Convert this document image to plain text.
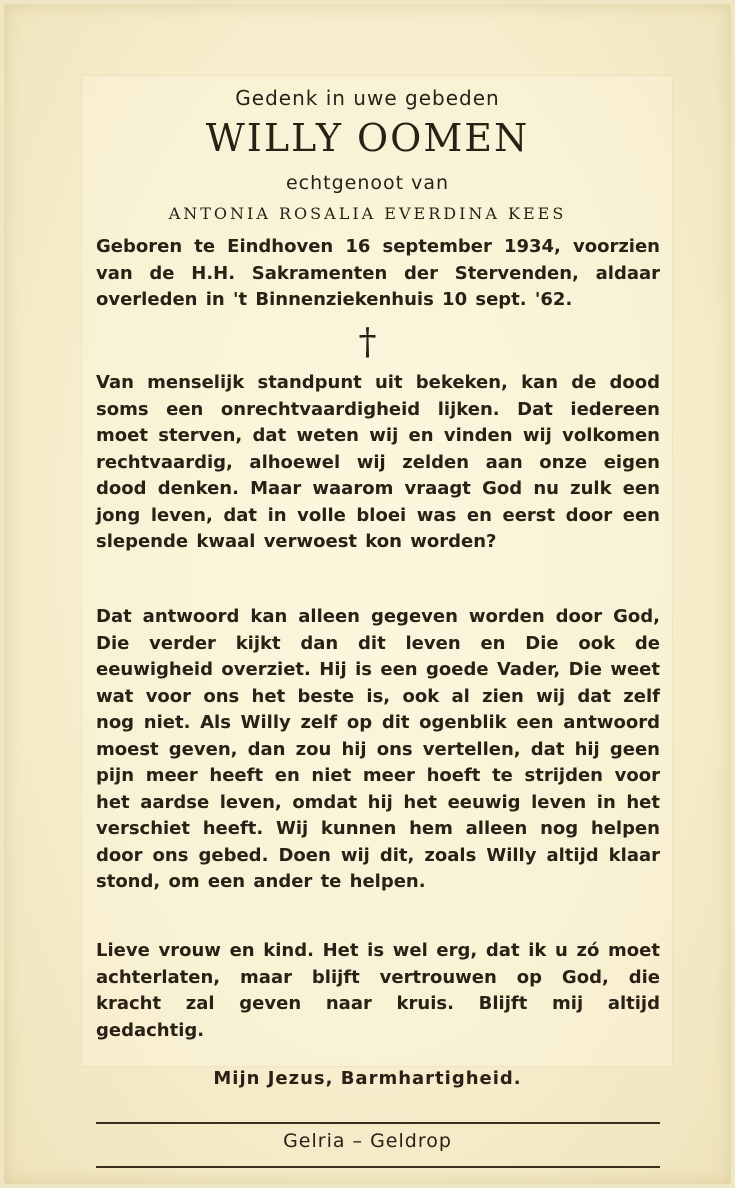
Gedenk in uwe gebeden
WILLY OOMEN
echtgenoot van
ANTONIA ROSALIA EVERDINA KEES
Geboren te Eindhoven 16 september 1934, voorzien van de H.H. Sakramenten der Stervenden, aldaar overleden in 't Binnenziekenhuis 10 sept. '62.
†
Van menselijk standpunt uit bekeken, kan de dood soms een onrechtvaardigheid lijken. Dat iedereen moet sterven, dat weten wij en vinden wij volkomen rechtvaardig, alhoewel wij zelden aan onze eigen dood denken. Maar waarom vraagt God nu zulk een jong leven, dat in volle bloei was en eerst door een slepende kwaal verwoest kon worden?
Dat antwoord kan alleen gegeven worden door God, Die verder kijkt dan dit leven en Die ook de eeuwigheid overziet. Hij is een goede Vader, Die weet wat voor ons het beste is, ook al zien wij dat zelf nog niet. Als Willy zelf op dit ogenblik een antwoord moest geven, dan zou hij ons vertellen, dat hij geen pijn meer heeft en niet meer hoeft te strijden voor het aardse leven, omdat hij het eeuwig leven in het verschiet heeft. Wij kunnen hem alleen nog helpen door ons gebed. Doen wij dit, zoals Willy altijd klaar stond, om een ander te helpen.
Lieve vrouw en kind. Het is wel erg, dat ik u zó moet achterlaten, maar blijft vertrouwen op God, die kracht zal geven naar kruis. Blijft mij altijd gedachtig.
Mijn Jezus, Barmhartigheid.
Gelria – Geldrop
